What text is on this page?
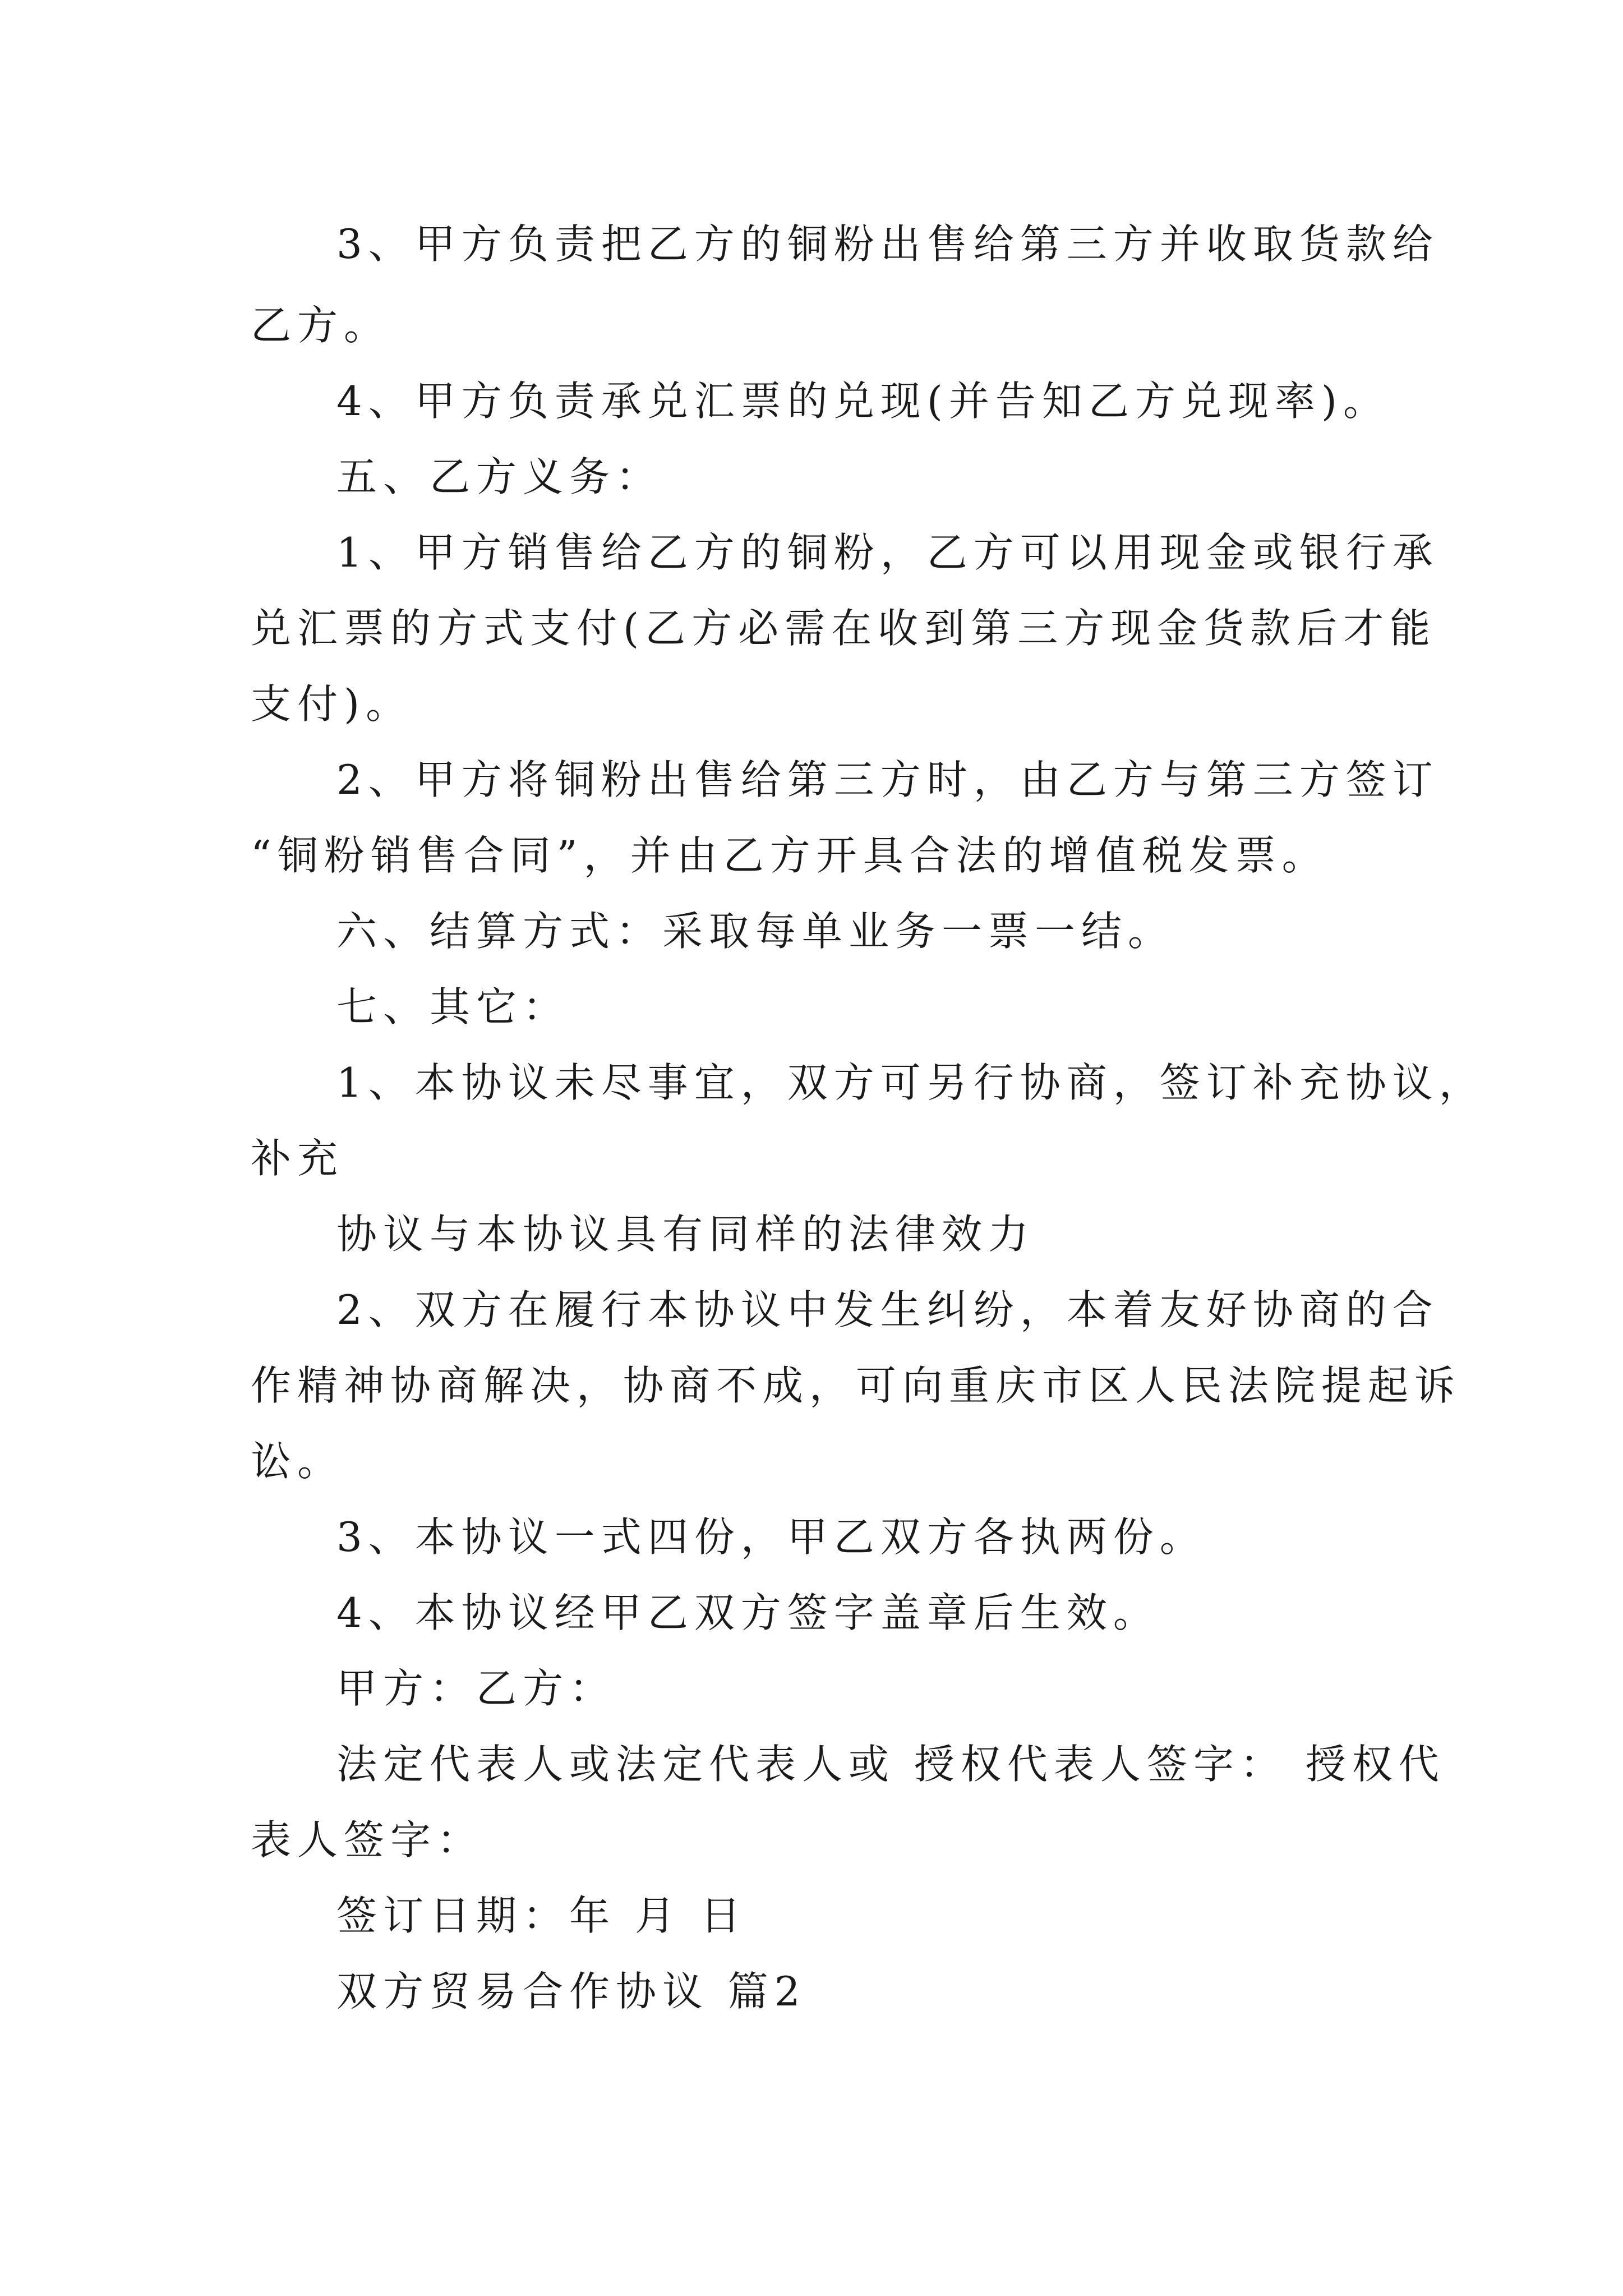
3、甲方负责把乙方的铜粉出售给第三方并收取货款给
乙方。
4、甲方负责承兑汇票的兑现(并告知乙方兑现率)。
五、乙方义务：
1、甲方销售给乙方的铜粉，乙方可以用现金或银行承
兑汇票的方式支付(乙方必需在收到第三方现金货款后才能
支付)。
2、甲方将铜粉出售给第三方时，由乙方与第三方签订
“铜粉销售合同”，并由乙方开具合法的增值税发票。
六、结算方式：采取每单业务一票一结。
七、其它：
1、本协议未尽事宜，双方可另行协商，签订补充协议，
补充
协议与本协议具有同样的法律效力
2、双方在履行本协议中发生纠纷，本着友好协商的合
作精神协商解决，协商不成，可向重庆市区人民法院提起诉
讼。
3、本协议一式四份，甲乙双方各执两份。
4、本协议经甲乙双方签字盖章后生效。
甲方：乙方：
法定代表人或法定代表人或 授权代表人签字： 授权代
表人签字：
签订日期：年 月 日
双方贸易合作协议 篇2
